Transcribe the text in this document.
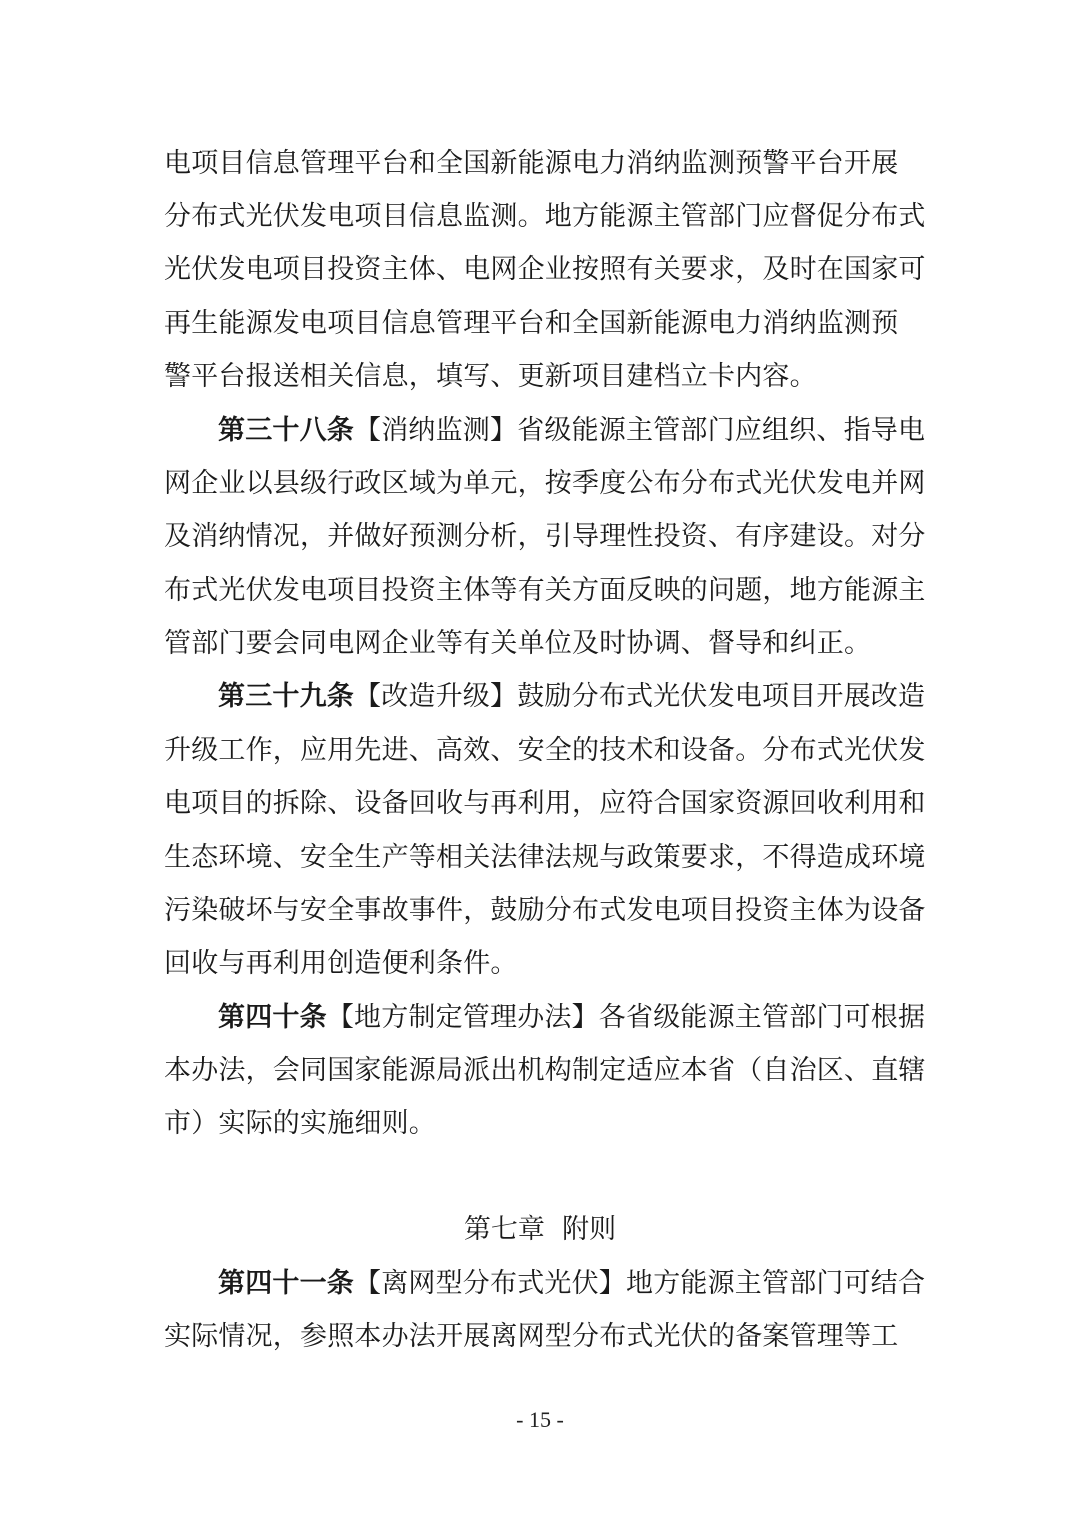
电项目信息管理平台和全国新能源电力消纳监测预警平台开展
分布式光伏发电项目信息监测。地方能源主管部门应督促分布式
光伏发电项目投资主体、电网企业按照有关要求，及时在国家可
再生能源发电项目信息管理平台和全国新能源电力消纳监测预
警平台报送相关信息，填写、更新项目建档立卡内容。
第三十八条【消纳监测】省级能源主管部门应组织、指导电
网企业以县级行政区域为单元，按季度公布分布式光伏发电并网
及消纳情况，并做好预测分析，引导理性投资、有序建设。对分
布式光伏发电项目投资主体等有关方面反映的问题，地方能源主
管部门要会同电网企业等有关单位及时协调、督导和纠正。
第三十九条【改造升级】鼓励分布式光伏发电项目开展改造
升级工作，应用先进、高效、安全的技术和设备。分布式光伏发
电项目的拆除、设备回收与再利用，应符合国家资源回收利用和
生态环境、安全生产等相关法律法规与政策要求，不得造成环境
污染破坏与安全事故事件，鼓励分布式发电项目投资主体为设备
回收与再利用创造便利条件。
第四十条【地方制定管理办法】各省级能源主管部门可根据
本办法，会同国家能源局派出机构制定适应本省（自治区、直辖
市）实际的实施细则。
第四十一条【离网型分布式光伏】地方能源主管部门可结合
实际情况，参照本办法开展离网型分布式光伏的备案管理等工
第七章  附则
- 15 -
